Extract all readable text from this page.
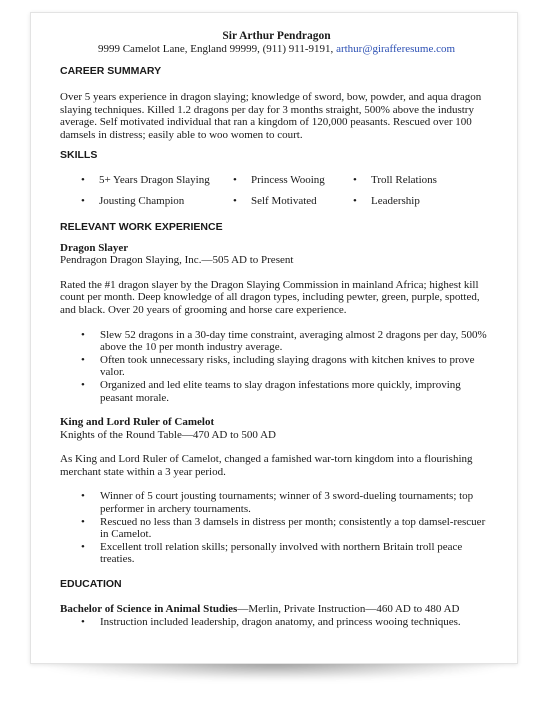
Sir Arthur Pendragon
9999 Camelot Lane, England 99999, (911) 911-9191, arthur@girafferesume.com
CAREER SUMMARY

Over 5 years experience in dragon slaying; knowledge of sword, bow, powder, and aqua dragon slaying techniques. Killed 1.2 dragons per day for 3 months straight, 500% above the industry average. Self motivated individual that ran a kingdom of 120,000 peasants. Rescued over 100 damsels in distress; easily able to woo women to court.

SKILLS
• 5+ Years Dragon Slaying	• Princess Wooing	• Troll Relations
• Jousting Champion	• Self Motivated	• Leadership
RELEVANT WORK EXPERIENCE
Dragon Slayer
Pendragon Dragon Slaying, Inc.—505 AD to Present

Rated the #1 dragon slayer by the Dragon Slaying Commission in mainland Africa; highest kill count per month. Deep knowledge of all dragon types, including pewter, green, purple, spotted, and black. Over 20 years of grooming and horse care experience.

• Slew 52 dragons in a 30-day time constraint, averaging almost 2 dragons per day, 500% above the 10 per month industry average.
• Often took unnecessary risks, including slaying dragons with kitchen knives to prove valor.
• Organized and led elite teams to slay dragon infestations more quickly, improving peasant morale.
King and Lord Ruler of Camelot
Knights of the Round Table—470 AD to 500 AD

As King and Lord Ruler of Camelot, changed a famished war-torn kingdom into a flourishing merchant state within a 3 year period.

• Winner of 5 court jousting tournaments; winner of 3 sword-dueling tournaments; top performer in archery tournaments.
• Rescued no less than 3 damsels in distress per month; consistently a top damsel-rescuer in Camelot.
• Excellent troll relation skills; personally involved with northern Britain troll peace treaties.
EDUCATION
Bachelor of Science in Animal Studies—Merlin, Private Instruction—460 AD to 480 AD
• Instruction included leadership, dragon anatomy, and princess wooing techniques.
